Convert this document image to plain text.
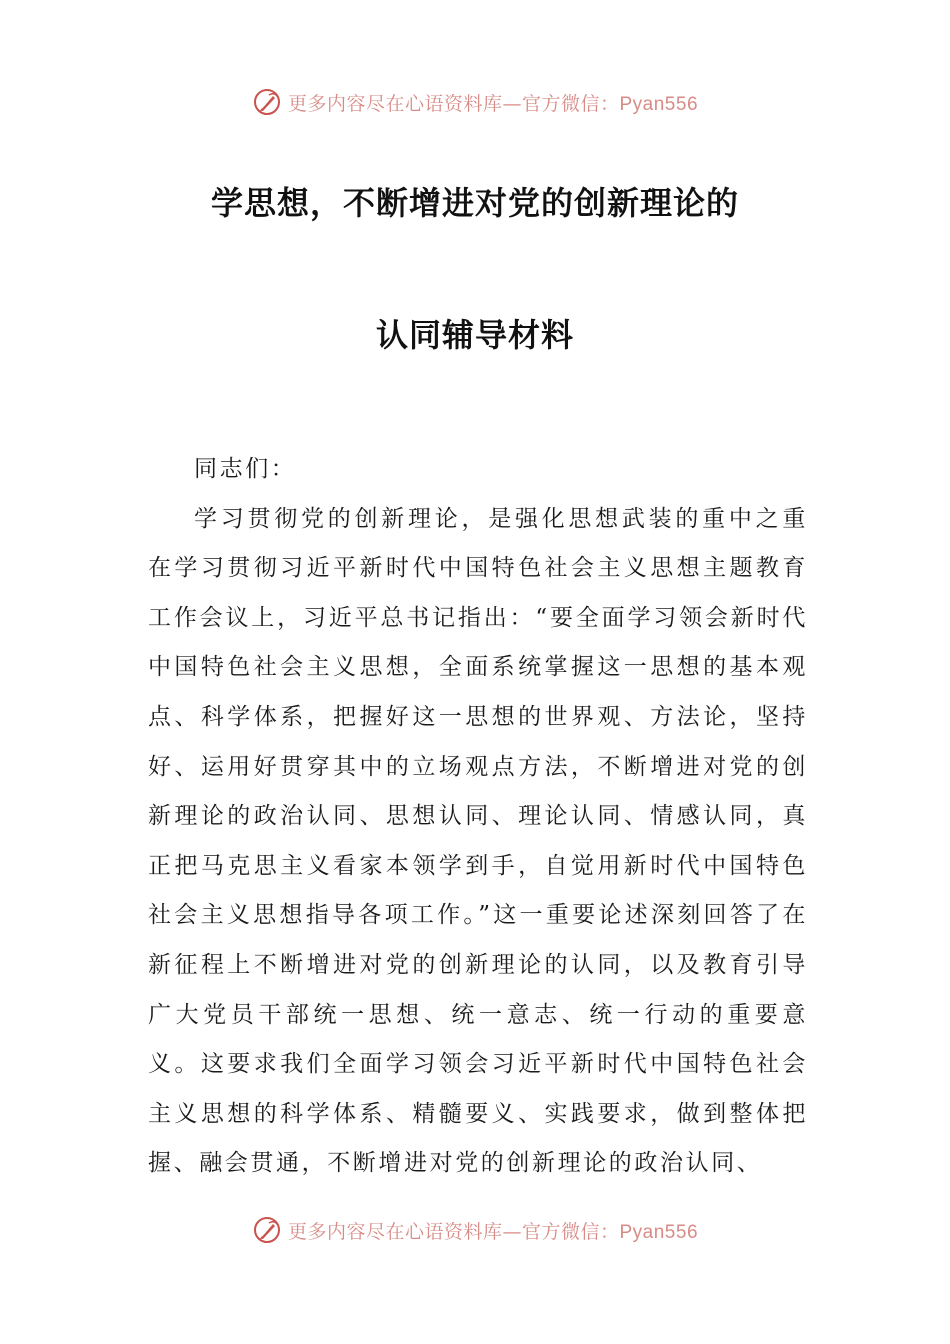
更多内容尽在心语资料库—官方微信：Pyan556
学思想，不断增进对党的创新理论的
认同辅导材料

同志们：

学习贯彻党的创新理论，是强化思想武装的重中之重在学习贯彻习近平新时代中国特色社会主义思想主题教育工作会议上，习近平总书记指出：“要全面学习领会新时代中国特色社会主义思想，全面系统掌握这一思想的基本观点、科学体系，把握好这一思想的世界观、方法论，坚持好、运用好贯穿其中的立场观点方法，不断增进对党的创新理论的政治认同、思想认同、理论认同、情感认同，真正把马克思主义看家本领学到手，自觉用新时代中国特色社会主义思想指导各项工作。”这一重要论述深刻回答了在新征程上不断增进对党的创新理论的认同，以及教育引导广大党员干部统一思想、统一意志、统一行动的重要意义。这要求我们全面学习领会习近平新时代中国特色社会主义思想的科学体系、精髓要义、实践要求，做到整体把握、融会贯通，不断增进对党的创新理论的政治认同、

更多内容尽在心语资料库—官方微信：Pyan556
